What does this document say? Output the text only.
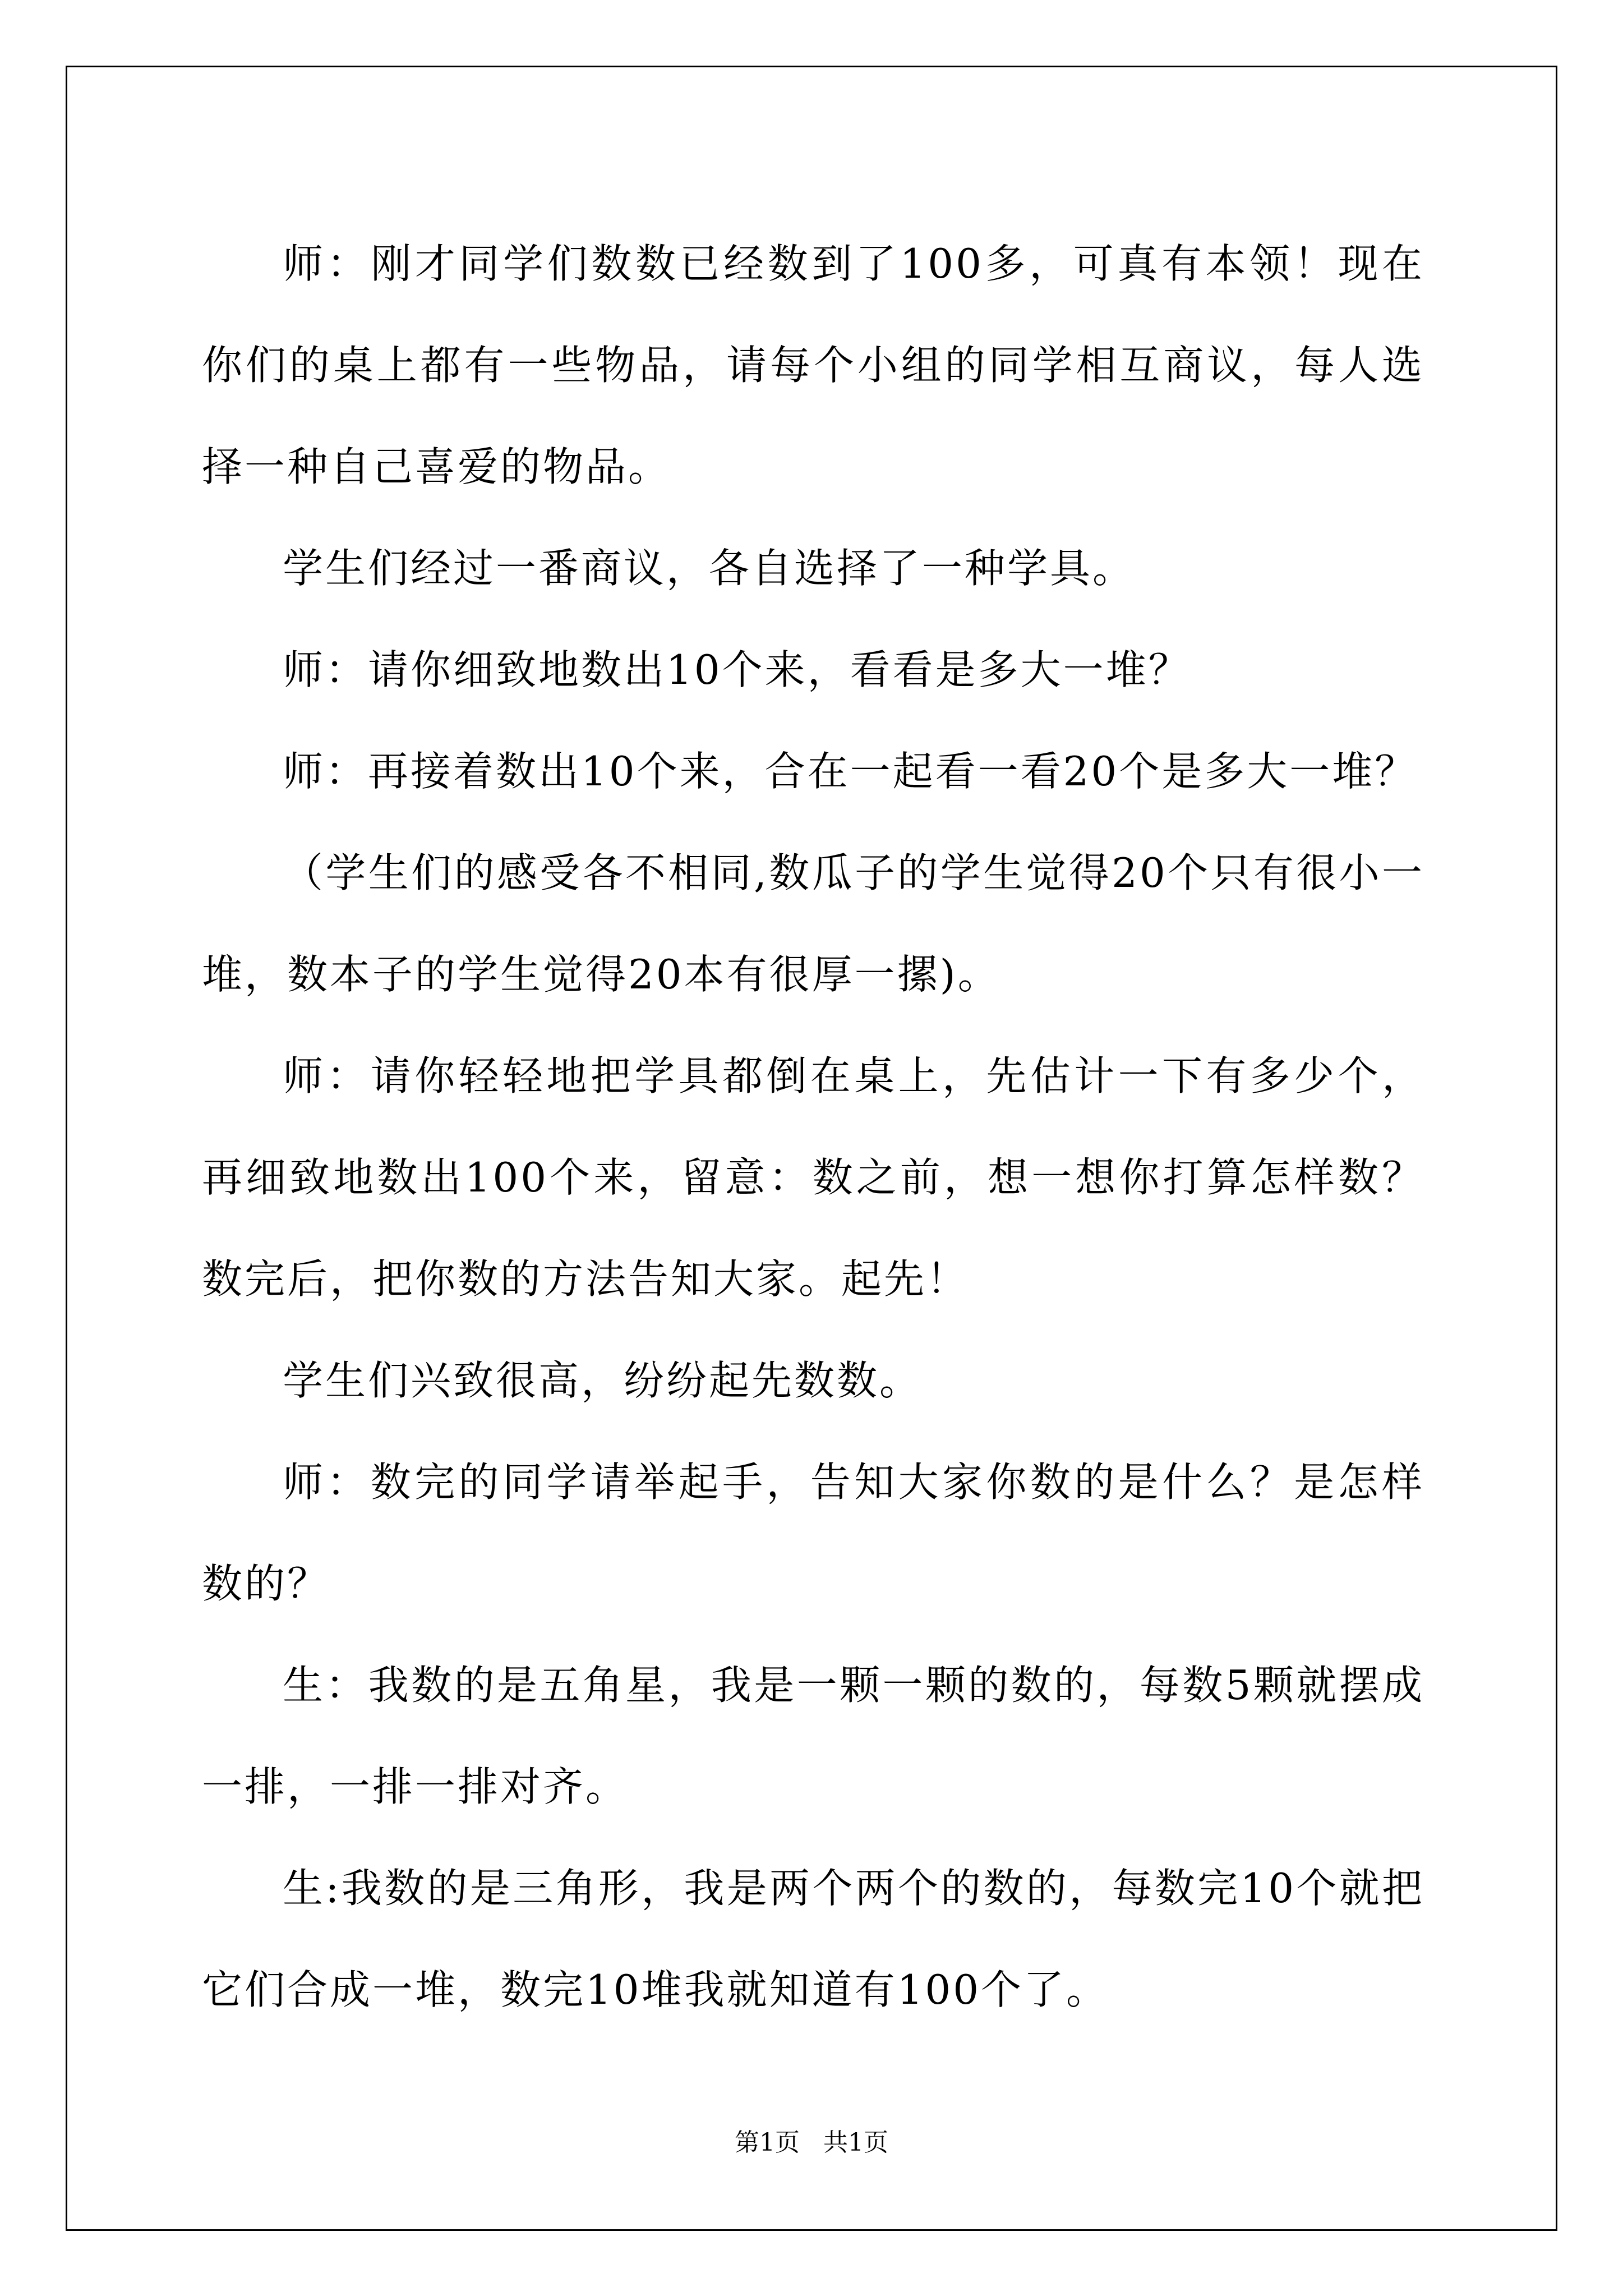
师：刚才同学们数数已经数到了100多，可真有本领！现在你们的桌上都有一些物品，请每个小组的同学相互商议，每人选择一种自己喜爱的物品。

学生们经过一番商议，各自选择了一种学具。

师：请你细致地数出10个来，看看是多大一堆？

师：再接着数出10个来，合在一起看一看20个是多大一堆？

（学生们的感受各不相同,数瓜子的学生觉得20个只有很小一堆，数本子的学生觉得20本有很厚一摞)。

师：请你轻轻地把学具都倒在桌上，先估计一下有多少个，再细致地数出100个来，留意：数之前，想一想你打算怎样数？数完后，把你数的方法告知大家。起先！

学生们兴致很高，纷纷起先数数。

师：数完的同学请举起手，告知大家你数的是什么？是怎样数的？

生：我数的是五角星，我是一颗一颗的数的，每数5颗就摆成一排，一排一排对齐。

生:我数的是三角形，我是两个两个的数的，每数完10个就把它们合成一堆，数完10堆我就知道有100个了。

第1页 共1页
